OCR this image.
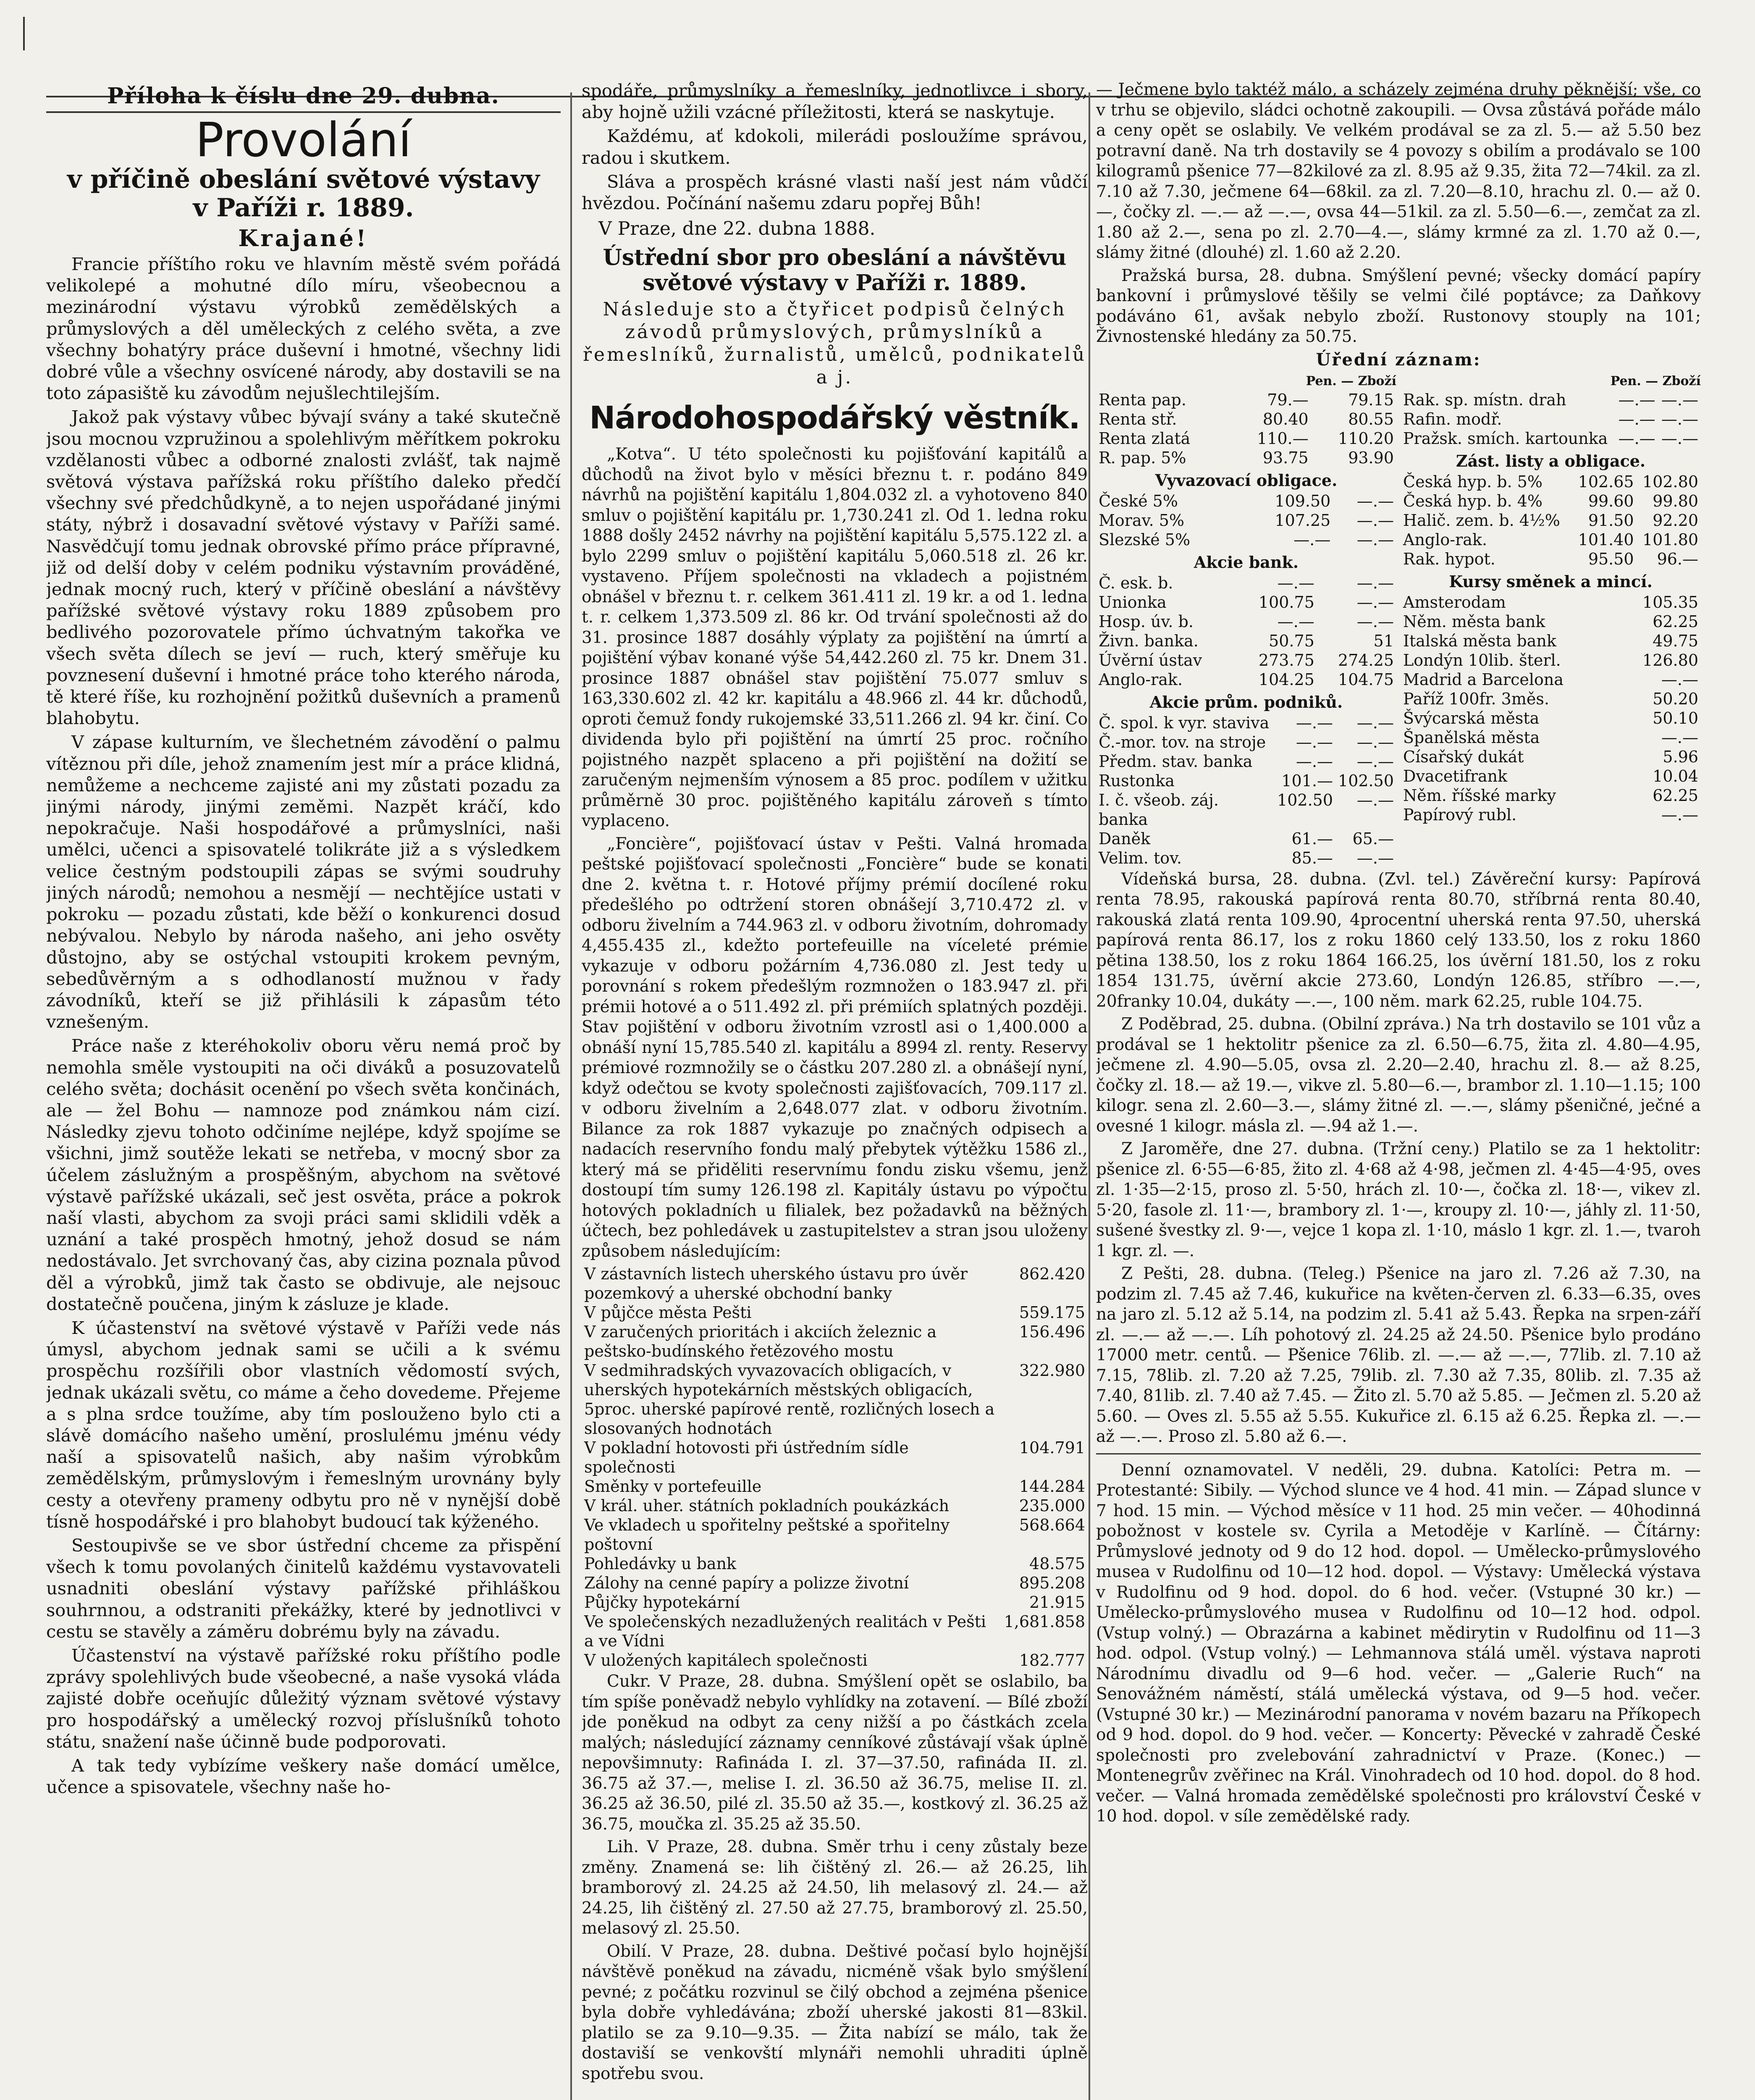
Příloha k číslu dne 29. dubna.
Provolání
v příčině obeslání světové výstavy
v Paříži r. 1889.
Krajané!

Francie příštího roku ve hlavním městě svém pořádá velikolepé a mohutné dílo míru, všeobecnou a mezinárodní výstavu výrobků zemědělských a průmyslových a děl uměleckých z celého světa, a zve všechny bohatýry práce duševní i hmotné, všechny lidi dobré vůle a všechny osvícené národy, aby dostavili se na toto zápasiště ku závodům nejušlechtilejším.

Jakož pak výstavy vůbec bývají svány a také skutečně jsou mocnou vzpružinou a spolehlivým měřítkem pokroku vzdělanosti vůbec a odborné znalosti zvlášť, tak najmě světová výstava pařížská roku příštího daleko předčí všechny své předchůdkyně, a to nejen uspořádané jinými státy, nýbrž i dosavadní světové výstavy v Paříži samé. Nasvědčují tomu jednak obrovské přímo práce přípravné, již od delší doby v celém podniku výstavním prováděné, jednak mocný ruch, který v příčině obeslání a návštěvy pařížské světové výstavy roku 1889 způsobem pro bedlivého pozorovatele přímo úchvatným takořka ve všech světa dílech se jeví — ruch, který směřuje ku povznesení duševní i hmotné práce toho kterého národa, tě které říše, ku rozhojnění požitků duševních a pramenů blahobytu.

V zápase kulturním, ve šlechetném závodění o palmu vítěznou při díle, jehož znamením jest mír a práce klidná, nemůžeme a nechceme zajisté ani my zůstati pozadu za jinými národy, jinými zeměmi. Nazpět kráčí, kdo nepokračuje. Naši hospodářové a průmyslníci, naši umělci, učenci a spisovatelé tolikráte již a s výsledkem velice čestným podstoupili zápas se svými soudruhy jiných národů; nemohou a nesmějí — nechtějíce ustati v pokroku — pozadu zůstati, kde běží o konkurenci dosud nebývalou. Nebylo by národa našeho, ani jeho osvěty důstojno, aby se ostýchal vstoupiti krokem pevným, sebedůvěrným a s odhodlaností mužnou v řady závodníků, kteří se již přihlásili k zápasům této vznešeným.

Práce naše z kteréhokoliv oboru věru nemá proč by nemohla směle vystoupiti na oči diváků a posuzovatelů celého světa; dochásit ocenění po všech světa končinách, ale — žel Bohu — namnoze pod známkou nám cizí. Následky zjevu tohoto odčiníme nejlépe, když spojíme se všichni, jimž soutěže lekati se netřeba, v mocný sbor za účelem záslužným a prospěšným, abychom na světové výstavě pařížské ukázali, seč jest osvěta, práce a pokrok naší vlasti, abychom za svoji práci sami sklidili vděk a uznání a také prospěch hmotný, jehož dosud se nám nedostávalo. Jet svrchovaný čas, aby cizina poznala původ děl a výrobků, jimž tak často se obdivuje, ale nejsouc dostatečně poučena, jiným k zásluze je klade.

K účastenství na světové výstavě v Paříži vede nás úmysl, abychom jednak sami se učili a k svému prospěchu rozšířili obor vlastních vědomostí svých, jednak ukázali světu, co máme a čeho dovedeme. Přejeme a s plna srdce toužíme, aby tím poslouženo bylo cti a slávě domácího našeho umění, proslulému jménu védy naší a spisovatelů našich, aby našim výrobkům zemědělským, průmyslovým i řemeslným urovnány byly cesty a otevřeny prameny odbytu pro ně v nynější době tísně hospodářské i pro blahobyt budoucí tak kýženého.

Sestoupivše se ve sbor ústřední chceme za přispění všech k tomu povolaných činitelů každému vystavovateli usnadniti obeslání výstavy pařížské přihláškou souhrnnou, a odstraniti překážky, které by jednotlivci v cestu se stavěly a záměru dobrému byly na závadu.

Účastenství na výstavě pařížské roku příštího podle zprávy spolehlivých bude všeobecné, a naše vysoká vláda zajisté dobře oceňujíc důležitý význam světové výstavy pro hospodářský a umělecký rozvoj příslušníků tohoto státu, snažení naše účinně bude podporovati.

A tak tedy vybízíme veškery naše domácí umělce, učence a spisovatele, všechny naše ho-

spodáře, průmyslníky a řemeslníky, jednotlivce i sbory, aby hojně užili vzácné příležitosti, která se naskytuje.

Každému, ať kdokoli, milerádi posloužíme správou, radou i skutkem.

Sláva a prospěch krásné vlasti naší jest nám vůdčí hvězdou. Počínání našemu zdaru popřej Bůh!

V Praze, dne 22. dubna 1888.
Ústřední sbor pro obeslání a návštěvu světové výstavy v Paříži r. 1889.
Následuje sto a čtyřicet podpisů čelných závodů průmyslových, průmyslníků a řemeslníků, žurnalistů, umělců, podnikatelů a j.
Národohospodářský věstník.

„Kotva“. U této společnosti ku pojišťování kapitálů a důchodů na život bylo v měsíci březnu t. r. podáno 849 návrhů na pojištění kapitálu 1,804.032 zl. a vyhotoveno 840 smluv o pojištění kapitálu pr. 1,730.241 zl. Od 1. ledna roku 1888 došly 2452 návrhy na pojištění kapitálu 5,575.122 zl. a bylo 2299 smluv o pojištění kapitálu 5,060.518 zl. 26 kr. vystaveno. Příjem společnosti na vkladech a pojistném obnášel v březnu t. r. celkem 361.411 zl. 19 kr. a od 1. ledna t. r. celkem 1,373.509 zl. 86 kr. Od trvání společnosti až do 31. prosince 1887 dosáhly výplaty za pojištění na úmrtí a pojištění výbav konané výše 54,442.260 zl. 75 kr. Dnem 31. prosince 1887 obnášel stav pojištění 75.077 smluv s 163,330.602 zl. 42 kr. kapitálu a 48.966 zl. 44 kr. důchodů, oproti čemuž fondy rukojemské 33,511.266 zl. 94 kr. činí. Co dividenda bylo při pojištění na úmrtí 25 proc. ročního pojistného nazpět splaceno a při pojištění na dožití se zaručeným nejmenším výnosem a 85 proc. podílem v užitku průměrně 30 proc. pojištěného kapitálu zároveň s tímto vyplaceno.

„Foncière“, pojišťovací ústav v Pešti. Valná hromada peštské pojišťovací společnosti „Foncière“ bude se konati dne 2. května t. r. Hotové příjmy prémií docílené roku předešlého po odtržení storen obnášejí 3,710.472 zl. v odboru živelním a 744.963 zl. v odboru životním, dohromady 4,455.435 zl., kdežto portefeuille na víceleté prémie vykazuje v odboru požárním 4,736.080 zl. Jest tedy u porovnání s rokem předešlým rozmnožen o 183.947 zl. při prémii hotové a o 511.492 zl. při prémiích splatných později. Stav pojištění v odboru životním vzrostl asi o 1,400.000 a obnáší nyní 15,785.540 zl. kapitálu a 8994 zl. renty. Reservy prémiové rozmnožily se o částku 207.280 zl. a obnášejí nyní, když odečtou se kvoty společnosti zajišťovacích, 709.117 zl. v odboru živelním a 2,648.077 zlat. v odboru životním. Bilance za rok 1887 vykazuje po značných odpisech a nadacích reservního fondu malý přebytek výtěžku 1586 zl., který má se přiděliti reservnímu fondu zisku všemu, jenž dostoupí tím sumy 126.198 zl. Kapitály ústavu po výpočtu hotových pokladních u filialek, bez požadavků na běžných účtech, bez pohledávek u zastupitelstev a stran jsou uloženy způsobem následujícím:

V zástavních listech uherského ústavu pro úvěr pozemkový a uherské obchodní banky	862.420
V půjčce města Pešti	559.175
V zaručených prioritách i akciích železnic a peštsko-budínského řetězového mostu	156.496
V sedmihradských vyvazovacích obligacích, v uherských hypotekárních městských obligacích, 5proc. uherské papírové rentě, rozličných losech a slosovaných hodnotách	322.980
V pokladní hotovosti při ústředním sídle společnosti	104.791
Směnky v portefeuille	144.284
V král. uher. státních pokladních poukázkách	235.000
Ve vkladech u spořitelny peštské a spořitelny poštovní	568.664
Pohledávky u bank	48.575
Zálohy na cenné papíry a polizze životní	895.208
Půjčky hypotekární	21.915
Ve společenských nezadlužených realitách v Pešti a ve Vídni	1,681.858
V uložených kapitálech společnosti	182.777

Cukr. V Praze, 28. dubna. Smýšlení opět se oslabilo, ba tím spíše poněvadž nebylo vyhlídky na zotavení. — Bílé zboží jde poněkud na odbyt za ceny nižší a po částkách zcela malých; následující záznamy cenníkové zůstávají však úplně nepovšimnuty: Rafináda I. zl. 37—37.50, rafináda II. zl. 36.75 až 37.—, melise I. zl. 36.50 až 36.75, melise II. zl. 36.25 až 36.50, pilé zl. 35.50 až 35.—, kostkový zl. 36.25 až 36.75, moučka zl. 35.25 až 35.50.

Lih. V Praze, 28. dubna. Směr trhu i ceny zůstaly beze změny. Znamená se: lih čištěný zl. 26.— až 26.25, lih bramborový zl. 24.25 až 24.50, lih melasový zl. 24.— až 24.25, lih čištěný zl. 27.50 až 27.75, bramborový zl. 25.50, melasový zl. 25.50.

Obilí. V Praze, 28. dubna. Deštivé počasí bylo hojnější návštěvě poněkud na závadu, nicméně však bylo smýšlení pevné; z počátku rozvinul se čilý obchod a zejména pšenice byla dobře vyhledávána; zboží uherské jakosti 81—83kil. platilo se za 9.10—9.35. — Žita nabízí se málo, tak že dostaviší se venkovští mlynáři nemohli uhraditi úplně spotřebu svou.

— Ječmene bylo taktéž málo, a scházely zejména druhy pěknější; vše, co v trhu se objevilo, sládci ochotně zakoupili. — Ovsa zůstává pořáde málo a ceny opět se oslabily. Ve velkém prodával se za zl. 5.— až 5.50 bez potravní daně. Na trh dostavily se 4 povozy s obilím a prodávalo se 100 kilogramů pšenice 77—82kilové za zl. 8.95 až 9.35, žita 72—74kil. za zl. 7.10 až 7.30, ječmene 64—68kil. za zl. 7.20—8.10, hrachu zl. 0.— až 0.—, čočky zl. —.— až —.—, ovsa 44—51kil. za zl. 5.50—6.—, zemčat za zl. 1.80 až 2.—, sena po zl. 2.70—4.—, slámy krmné za zl. 1.70 až 0.—, slámy žitné (dlouhé) zl. 1.60 až 2.20.

Pražská bursa, 28. dubna. Smýšlení pevné; všecky domácí papíry bankovní i průmyslové těšily se velmi čilé poptávce; za Daňkovy podáváno 61, avšak nebylo zboží. Rustonovy stouply na 101; Živnostenské hledány za 50.75.

Úřední záznam:
Pen. — Zboží
Renta pap.	79.—	79.15
Renta stř.	80.40	80.55
Renta zlatá	110.—	110.20
R. pap. 5%	93.75	93.90
Vyvazovací obligace.
České 5%	109.50	—.—
Morav. 5%	107.25	—.—
Slezské 5%	—.—	—.—
Akcie bank.
Č. esk. b.	—.—	—.—
Unionka	100.75	—.—
Hosp. úv. b.	—.—	—.—
Živn. banka.	50.75	51
Úvěrní ústav	273.75	274.25
Anglo-rak.	104.25	104.75
Akcie prům. podniků.
Č. spol. k vyr. staviva	—.—	—.—
Č.-mor. tov. na stroje	—.—	—.—
Předm. stav. banka	—.—	—.—
Rustonka	101.—	102.50
I. č. všeob. záj. banka	102.50	—.—
Daněk	61.—	65.—
Velim. tov.	85.—	—.—
Pen. — Zboží
Rak. sp. místn. drah	—.—	—.—
Rafin. modř.	—.—	—.—
Pražsk. smích. kartounka	—.—	—.—
Zást. listy a obligace.
Česká hyp. b. 5%	102.65	102.80
Česká hyp. b. 4%	99.60	99.80
Halič. zem. b. 4½%	91.50	92.20
Anglo-rak.	101.40	101.80
Rak. hypot.	95.50	96.—
Kursy směnek a mincí.
Amsterodam	105.35
Něm. města bank	62.25
Italská města bank	49.75
Londýn 10lib. šterl.	126.80
Madrid a Barcelona	—.—
Paříž 100fr. 3měs.	50.20
Švýcarská města	50.10
Španělská města	—.—
Císařský dukát	5.96
Dvacetifrank	10.04
Něm. říšské marky	62.25
Papírový rubl.	—.—

Vídeňská bursa, 28. dubna. (Zvl. tel.) Závěreční kursy: Papírová renta 78.95, rakouská papírová renta 80.70, stříbrná renta 80.40, rakouská zlatá renta 109.90, 4procentní uherská renta 97.50, uherská papírová renta 86.17, los z roku 1860 celý 133.50, los z roku 1860 pětina 138.50, los z roku 1864 166.25, los úvěrní 181.50, los z roku 1854 131.75, úvěrní akcie 273.60, Londýn 126.85, stříbro —.—, 20franky 10.04, dukáty —.—, 100 něm. mark 62.25, ruble 104.75.

Z Poděbrad, 25. dubna. (Obilní zpráva.) Na trh dostavilo se 101 vůz a prodával se 1 hektolitr pšenice za zl. 6.50—6.75, žita zl. 4.80—4.95, ječmene zl. 4.90—5.05, ovsa zl. 2.20—2.40, hrachu zl. 8.— až 8.25, čočky zl. 18.— až 19.—, vikve zl. 5.80—6.—, brambor zl. 1.10—1.15; 100 kilogr. sena zl. 2.60—3.—, slámy žitné zl. —.—, slámy pšeničné, ječné a ovesné 1 kilogr. másla zl. —.94 až 1.—.

Z Jaroměře, dne 27. dubna. (Tržní ceny.) Platilo se za 1 hektolitr: pšenice zl. 6·55—6·85, žito zl. 4·68 až 4·98, ječmen zl. 4·45—4·95, oves zl. 1·35—2·15, proso zl. 5·50, hrách zl. 10·—, čočka zl. 18·—, vikev zl. 5·20, fasole zl. 11·—, brambory zl. 1·—, kroupy zl. 10·—, jáhly zl. 11·50, sušené švestky zl. 9·—, vejce 1 kopa zl. 1·10, máslo 1 kgr. zl. 1.—, tvaroh 1 kgr. zl. —.

Z Pešti, 28. dubna. (Teleg.) Pšenice na jaro zl. 7.26 až 7.30, na podzim zl. 7.45 až 7.46, kukuřice na květen-červen zl. 6.33—6.35, oves na jaro zl. 5.12 až 5.14, na podzim zl. 5.41 až 5.43. Řepka na srpen-září zl. —.— až —.—. Líh pohotový zl. 24.25 až 24.50. Pšenice bylo prodáno 17000 metr. centů. — Pšenice 76lib. zl. —.— až —.—, 77lib. zl. 7.10 až 7.15, 78lib. zl. 7.20 až 7.25, 79lib. zl. 7.30 až 7.35, 80lib. zl. 7.35 až 7.40, 81lib. zl. 7.40 až 7.45. — Žito zl. 5.70 až 5.85. — Ječmen zl. 5.20 až 5.60. — Oves zl. 5.55 až 5.55. Kukuřice zl. 6.15 až 6.25. Řepka zl. —.— až —.—. Proso zl. 5.80 až 6.—.

Denní oznamovatel. V neděli, 29. dubna. Katolíci: Petra m. — Protestanté: Sibily. — Východ slunce ve 4 hod. 41 min. — Západ slunce v 7 hod. 15 min. — Východ měsíce v 11 hod. 25 min večer. — 40hodinná pobožnost v kostele sv. Cyrila a Metoděje v Karlíně. — Čítárny: Průmyslové jednoty od 9 do 12 hod. dopol. — Umělecko-průmyslového musea v Rudolfinu od 10—12 hod. dopol. — Výstavy: Umělecká výstava v Rudolfinu od 9 hod. dopol. do 6 hod. večer. (Vstupné 30 kr.) — Umělecko-průmyslového musea v Rudolfinu od 10—12 hod. odpol. (Vstup volný.) — Obrazárna a kabinet mědirytin v Rudolfinu od 11—3 hod. odpol. (Vstup volný.) — Lehmannova stálá uměl. výstava naproti Národnímu divadlu od 9—6 hod. večer. — „Galerie Ruch“ na Senovážném náměstí, stálá umělecká výstava, od 9—5 hod. večer. (Vstupné 30 kr.) — Mezinárodní panorama v novém bazaru na Příkopech od 9 hod. dopol. do 9 hod. večer. — Koncerty: Pěvecké v zahradě České společnosti pro zvelebování zahradnictví v Praze. (Konec.) — Montenegrův zvěřinec na Král. Vinohradech od 10 hod. dopol. do 8 hod. večer. — Valná hromada zemědělské společnosti pro království České v 10 hod. dopol. v síle zemědělské rady.
